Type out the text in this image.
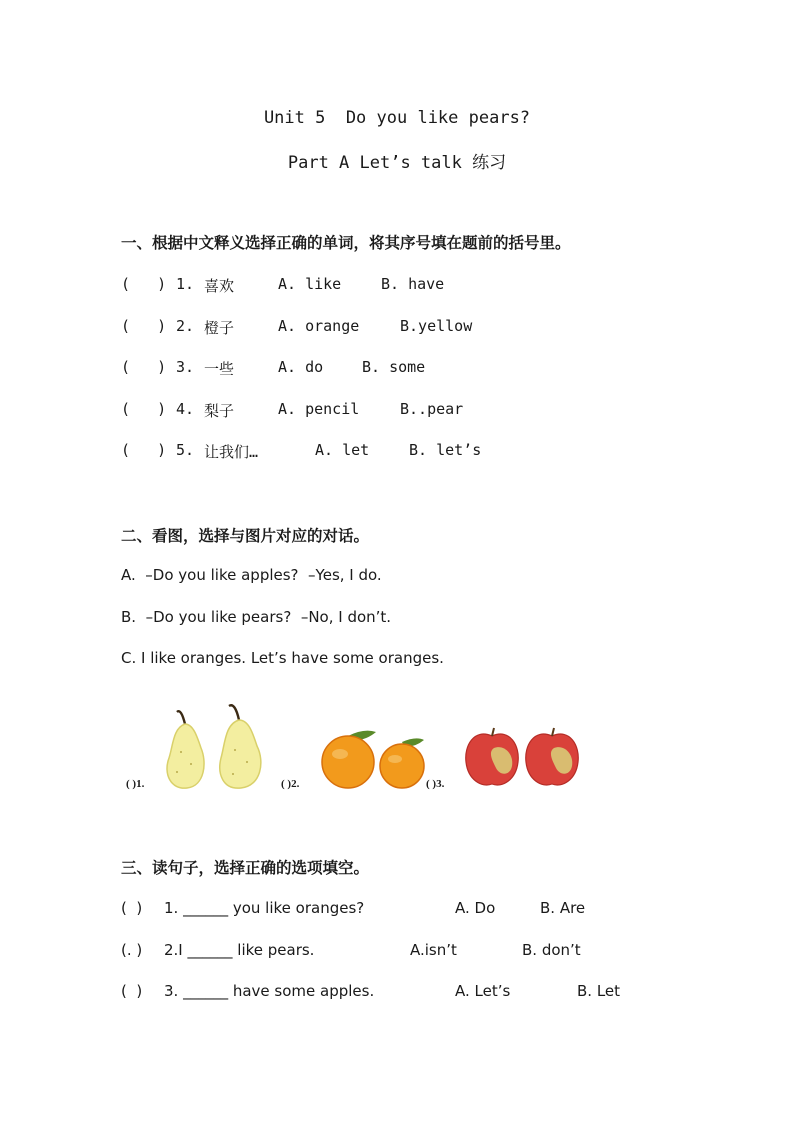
Unit 5  Do you like pears?
Part A Let’s talk 练习
一、根据中文释义选择正确的单词，将其序号填在题前的括号里。
(   ) 1. 喜欢	A. like	B. have
(   ) 2. 橙子	A. orange	B.yellow
(   ) 3. 一些	A. do	B. some
(   ) 4. 梨子	A. pencil	B..pear
(   ) 5. 让我们…	A. let	B. let’s
二、看图，选择与图片对应的对话。
A.  –Do you like apples?  –Yes, I do.
B.  –Do you like pears?  –No, I don’t.
C. I like oranges. Let’s have some oranges.
( )1.	( )2.	( )3.
三、读句子，选择正确的选项填空。
(  ) 1. ______ you like oranges?	A. Do	B. Are
(. ) 2.I ______ like pears.	A.isn’t	B. don’t
(  ) 3. ______ have some apples.	A. Let’s	B. Let
